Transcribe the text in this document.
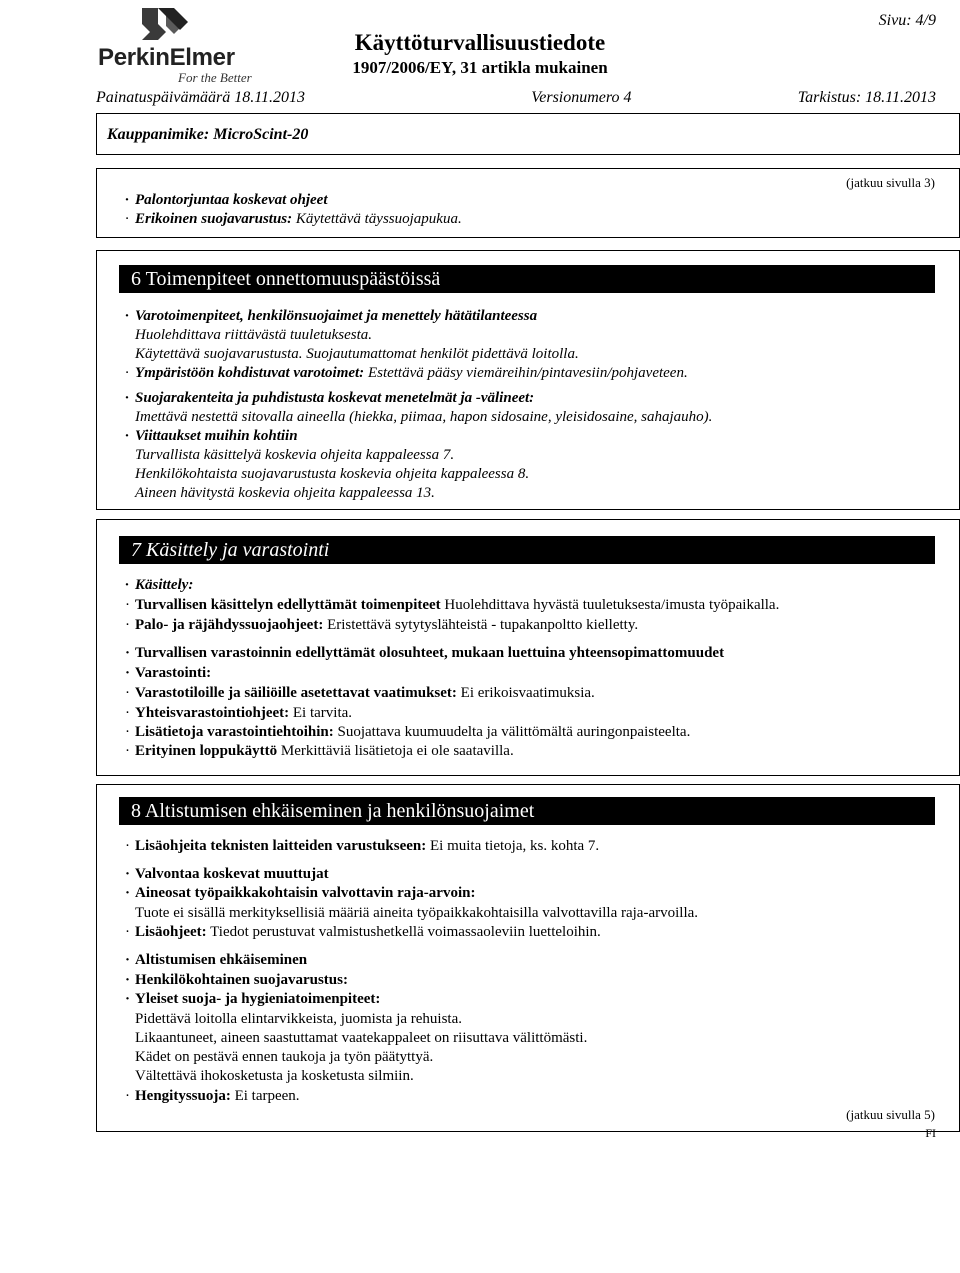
PerkinElmer
For the Better
Käyttöturvallisuustiedote
1907/2006/EY, 31 artikla mukainen
Sivu: 4/9
Painatuspäivämäärä 18.11.2013	Versionumero 4	Tarkistus: 18.11.2013
Kauppanimike: MicroScint-20
(jatkuu sivulla 3)
· Palontorjuntaa koskevat ohjeet
· Erikoinen suojavarustus: Käytettävä täyssuojapukua.
6 Toimenpiteet onnettomuuspäästöissä
· Varotoimenpiteet, henkilönsuojaimet ja menettely hätätilanteessa
Huolehdittava riittävästä tuuletuksesta.
Käytettävä suojavarustusta. Suojautumattomat henkilöt pidettävä loitolla.
· Ympäristöön kohdistuvat varotoimet: Estettävä pääsy viemäreihin/pintavesiin/pohjaveteen.
· Suojarakenteita ja puhdistusta koskevat menetelmät ja -välineet:
Imettävä nestettä sitovalla aineella (hiekka, piimaa, hapon sidosaine, yleisidosaine, sahajauho).
· Viittaukset muihin kohtiin
Turvallista käsittelyä koskevia ohjeita kappaleessa 7.
Henkilökohtaista suojavarustusta koskevia ohjeita kappaleessa 8.
Aineen hävitystä koskevia ohjeita kappaleessa 13.
7 Käsittely ja varastointi
· Käsittely:
· Turvallisen käsittelyn edellyttämät toimenpiteet Huolehdittava hyvästä tuuletuksesta/imusta työpaikalla.
· Palo- ja räjähdyssuojaohjeet: Eristettävä sytytyslähteistä - tupakanpoltto kielletty.
· Turvallisen varastoinnin edellyttämät olosuhteet, mukaan luettuina yhteensopimattomuudet
· Varastointi:
· Varastotiloille ja säiliöille asetettavat vaatimukset: Ei erikoisvaatimuksia.
· Yhteisvarastointiohjeet: Ei tarvita.
· Lisätietoja varastointiehtoihin: Suojattava kuumuudelta ja välittömältä auringonpaisteelta.
· Erityinen loppukäyttö Merkittäviä lisätietoja ei ole saatavilla.
8 Altistumisen ehkäiseminen ja henkilönsuojaimet
· Lisäohjeita teknisten laitteiden varustukseen: Ei muita tietoja, ks. kohta 7.
· Valvontaa koskevat muuttujat
· Aineosat työpaikkakohtaisin valvottavin raja-arvoin:
Tuote ei sisällä merkityksellisiä määriä aineita työpaikkakohtaisilla valvottavilla raja-arvoilla.
· Lisäohjeet: Tiedot perustuvat valmistushetkellä voimassaoleviin luetteloihin.
· Altistumisen ehkäiseminen
· Henkilökohtainen suojavarustus:
· Yleiset suoja- ja hygieniatoimenpiteet:
Pidettävä loitolla elintarvikkeista, juomista ja rehuista.
Likaantuneet, aineen saastuttamat vaatekappaleet on riisuttava välittömästi.
Kädet on pestävä ennen taukoja ja työn päätyttyä.
Vältettävä ihokosketusta ja kosketusta silmiin.
· Hengityssuoja: Ei tarpeen.
(jatkuu sivulla 5)
FI
